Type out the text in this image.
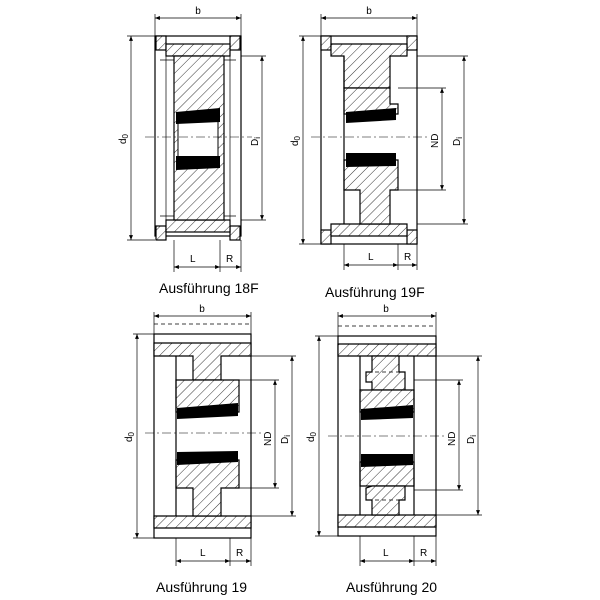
b
$d_0$
$D_i$
L	R
Ausführung 18F
b
$d_0$	ND $D_i$
L	R
Ausführung 19F
b
$d_0$	ND $D_i$
L	R
Ausführung 19
b
$d_0$	ND $D_i$
L	R
Ausführung 20
